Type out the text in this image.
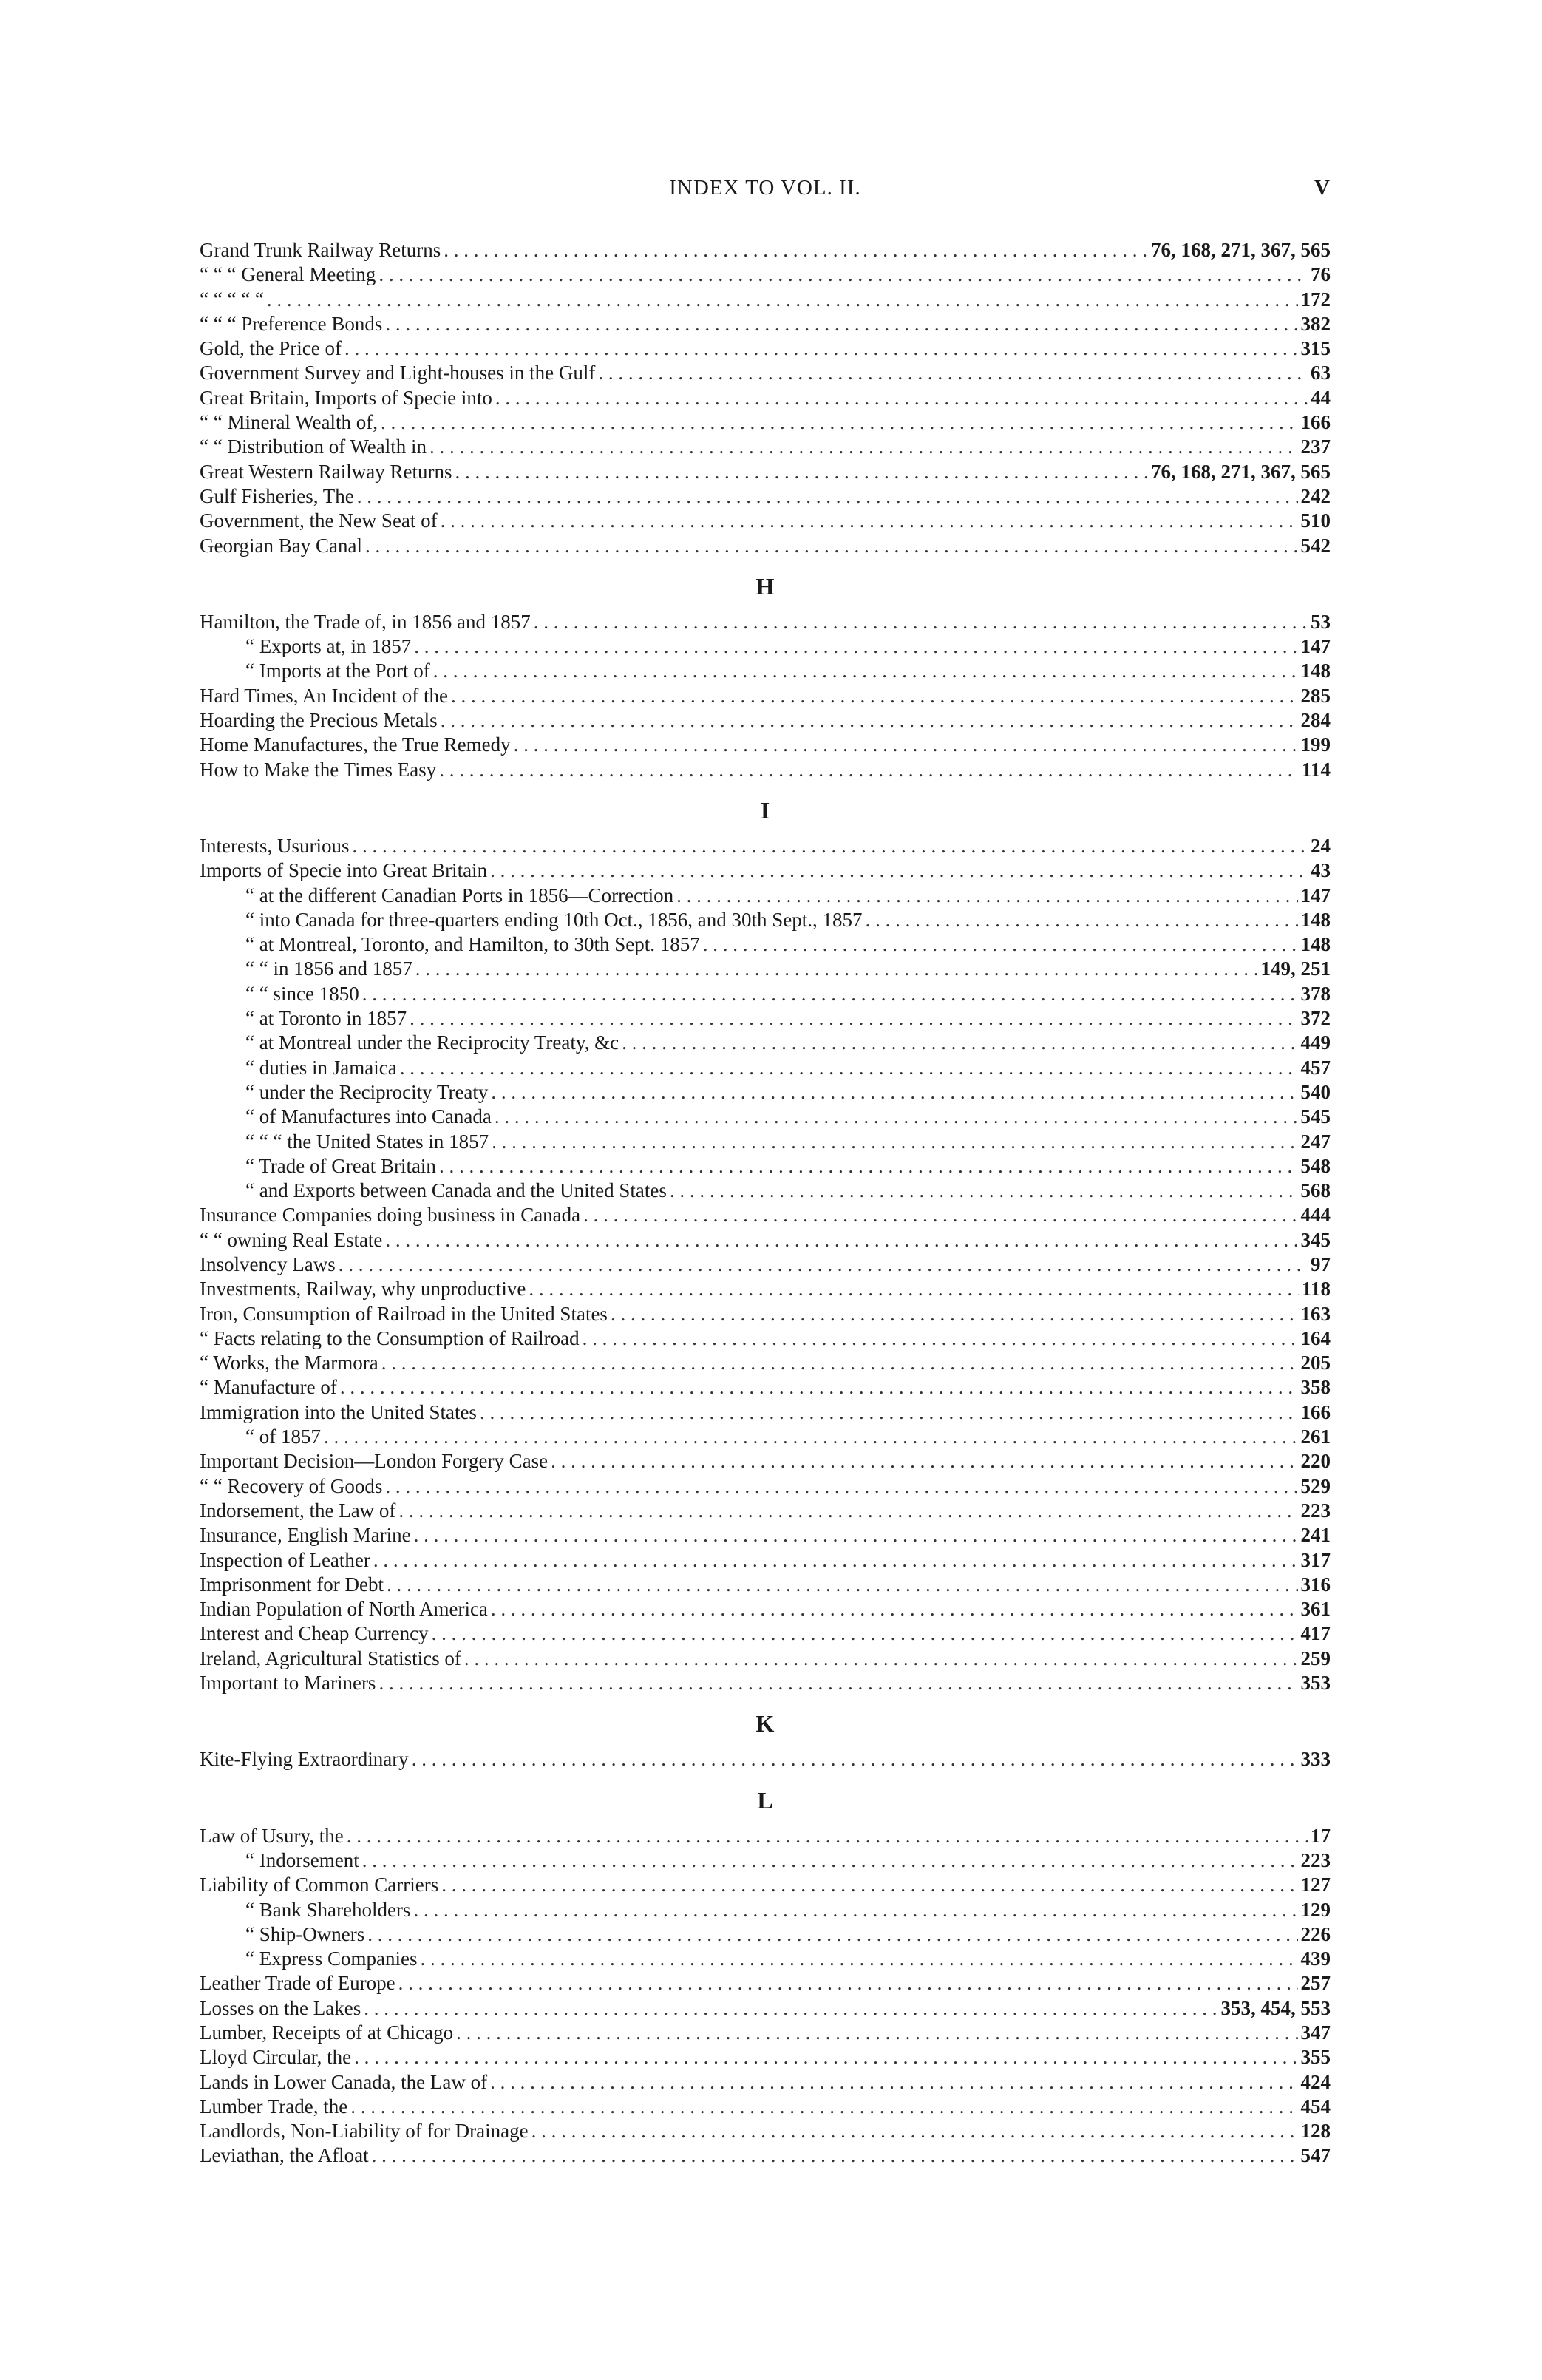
INDEX TO VOL. II.	V
Grand Trunk Railway Returns . . .	76, 168, 271, 367, 565
“ “ “ General Meeting . . .	76
“ “ “ “ “ . . .	172
“ “ “ Preference Bonds . . .	382
Gold, the Price of . . .	315
Government Survey and Light-houses in the Gulf . . .	63
Great Britain, Imports of Specie into . . .	44
“ “ Mineral Wealth of, . . .	166
“ “ Distribution of Wealth in . . .	237
Great Western Railway Returns . . .	76, 168, 271, 367, 565
Gulf Fisheries, The . . .	242
Government, the New Seat of . . .	510
Georgian Bay Canal . . .	542
H
Hamilton, the Trade of, in 1856 and 1857 . . .	53
“ Exports at, in 1857 . . .	147
“ Imports at the Port of . . .	148
Hard Times, An Incident of the . . .	285
Hoarding the Precious Metals . . .	284
Home Manufactures, the True Remedy . . .	199
How to Make the Times Easy . . .	114
I
Interests, Usurious . . .	24
Imports of Specie into Great Britain . . .	43
“ at the different Canadian Ports in 1856—Correction . . .	147
“ into Canada for three-quarters ending 10th Oct., 1856, and 30th Sept., 1857 . . .	148
“ at Montreal, Toronto, and Hamilton, to 30th Sept. 1857 . . .	148
“ “ in 1856 and 1857 . . .	149, 251
“ “ since 1850 . . .	378
“ at Toronto in 1857 . . .	372
“ at Montreal under the Reciprocity Treaty, &c . . .	449
“ duties in Jamaica . . .	457
“ under the Reciprocity Treaty . . .	540
“ of Manufactures into Canada . . .	545
“ “ “ the United States in 1857 . . .	247
“ Trade of Great Britain . . .	548
“ and Exports between Canada and the United States . . .	568
Insurance Companies doing business in Canada . . .	444
“ “ owning Real Estate . . .	345
Insolvency Laws . . .	97
Investments, Railway, why unproductive . . .	118
Iron, Consumption of Railroad in the United States . . .	163
“ Facts relating to the Consumption of Railroad . . .	164
“ Works, the Marmora . . .	205
“ Manufacture of . . .	358
Immigration into the United States . . .	166
“ of 1857 . . .	261
Important Decision—London Forgery Case . . .	220
“ “ Recovery of Goods . . .	529
Indorsement, the Law of . . .	223
Insurance, English Marine . . .	241
Inspection of Leather . . .	317
Imprisonment for Debt . . .	316
Indian Population of North America . . .	361
Interest and Cheap Currency . . .	417
Ireland, Agricultural Statistics of . . .	259
Important to Mariners . . .	353
K
Kite-Flying Extraordinary . . .	333
L
Law of Usury, the . . .	17
“ Indorsement . . .	223
Liability of Common Carriers . . .	127
“ Bank Shareholders . . .	129
“ Ship-Owners . . .	226
“ Express Companies . . .	439
Leather Trade of Europe . . .	257
Losses on the Lakes . . .	353, 454, 553
Lumber, Receipts of at Chicago . . .	347
Lloyd Circular, the . . .	355
Lands in Lower Canada, the Law of . . .	424
Lumber Trade, the . . .	454
Landlords, Non-Liability of for Drainage . . .	128
Leviathan, the Afloat . . .	547
